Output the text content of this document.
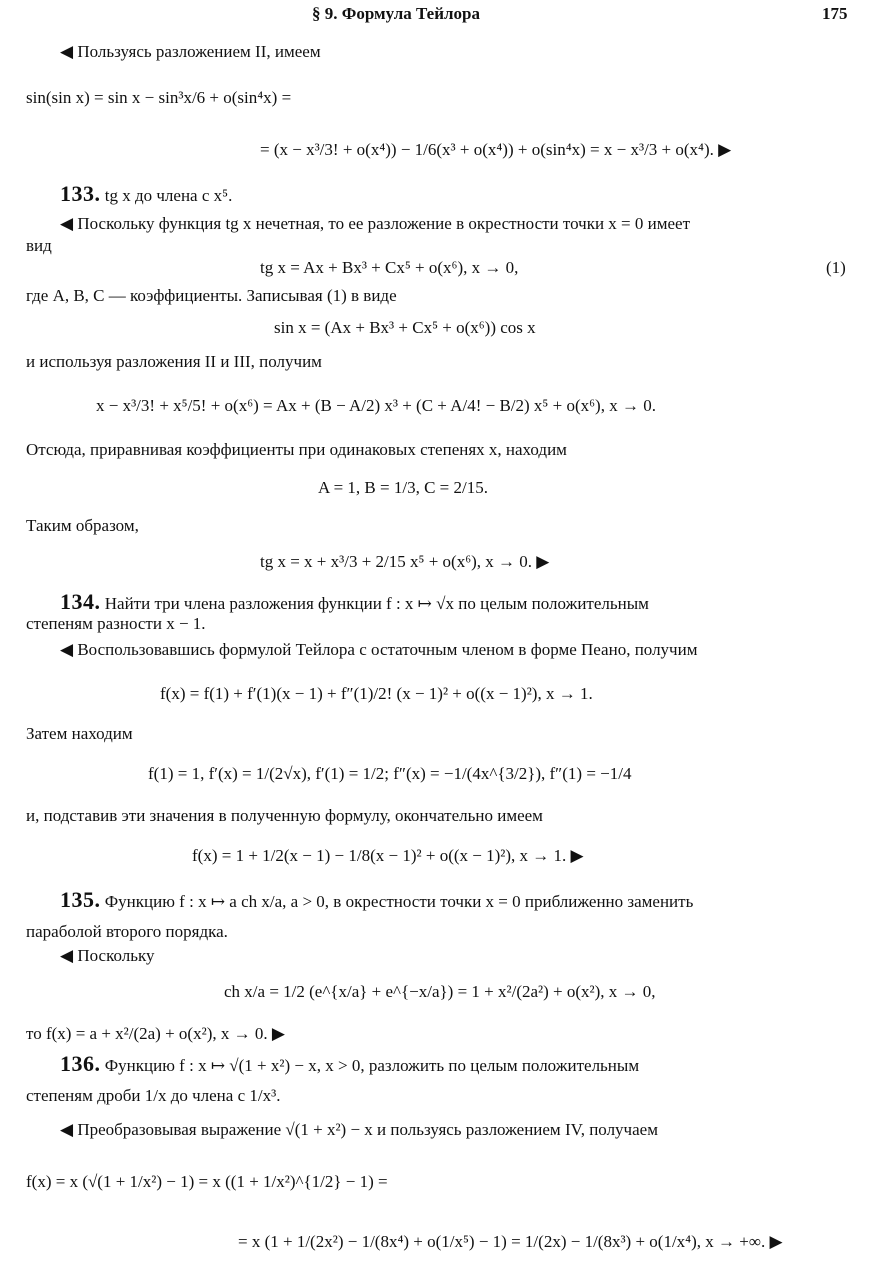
§ 9. Формула Тейлора	175
◀ Пользуясь разложением II, имеем
sin(sin x) = sin x − sin³x/6 + o(sin⁴x) =
= (x − x³/3! + o(x⁴)) − 1/6(x³ + o(x⁴)) + o(sin⁴x) = x − x³/3 + o(x⁴). ▶
133. tg x до члена с x⁵.
◀ Поскольку функция tg x нечетная, то ее разложение в окрестности точки x = 0 имеет
вид
tg x = Ax + Bx³ + Cx⁵ + o(x⁶), x → 0,	(1)
где A, B, C — коэффициенты. Записывая (1) в виде
sin x = (Ax + Bx³ + Cx⁵ + o(x⁶)) cos x
и используя разложения II и III, получим
x − x³/3! + x⁵/5! + o(x⁶) = Ax + (B − A/2) x³ + (C + A/4! − B/2) x⁵ + o(x⁶), x → 0.
Отсюда, приравнивая коэффициенты при одинаковых степенях x, находим
A = 1, B = 1/3, C = 2/15.
Таким образом,
tg x = x + x³/3 + 2/15 x⁵ + o(x⁶), x → 0. ▶
134. Найти три члена разложения функции f : x ↦ √x по целым положительным
степеням разности x − 1.
◀ Воспользовавшись формулой Тейлора с остаточным членом в форме Пеано, получим
f(x) = f(1) + f′(1)(x − 1) + f″(1)/2! (x − 1)² + o((x − 1)²), x → 1.
Затем находим
f(1) = 1, f′(x) = 1/(2√x), f′(1) = 1/2; f″(x) = −1/(4x^{3/2}), f″(1) = −1/4
и, подставив эти значения в полученную формулу, окончательно имеем
f(x) = 1 + 1/2(x − 1) − 1/8(x − 1)² + o((x − 1)²), x → 1. ▶
135. Функцию f : x ↦ a ch x/a, a > 0, в окрестности точки x = 0 приближенно заменить
параболой второго порядка.
◀ Поскольку
ch x/a = 1/2 (e^{x/a} + e^{−x/a}) = 1 + x²/(2a²) + o(x²), x → 0,
то f(x) = a + x²/(2a) + o(x²), x → 0. ▶
136. Функцию f : x ↦ √(1 + x²) − x, x > 0, разложить по целым положительным
степеням дроби 1/x до члена с 1/x³.
◀ Преобразовывая выражение √(1 + x²) − x и пользуясь разложением IV, получаем
f(x) = x (√(1 + 1/x²) − 1) = x ((1 + 1/x²)^{1/2} − 1) =
= x (1 + 1/(2x²) − 1/(8x⁴) + o(1/x⁵) − 1) = 1/(2x) − 1/(8x³) + o(1/x⁴), x → +∞. ▶
